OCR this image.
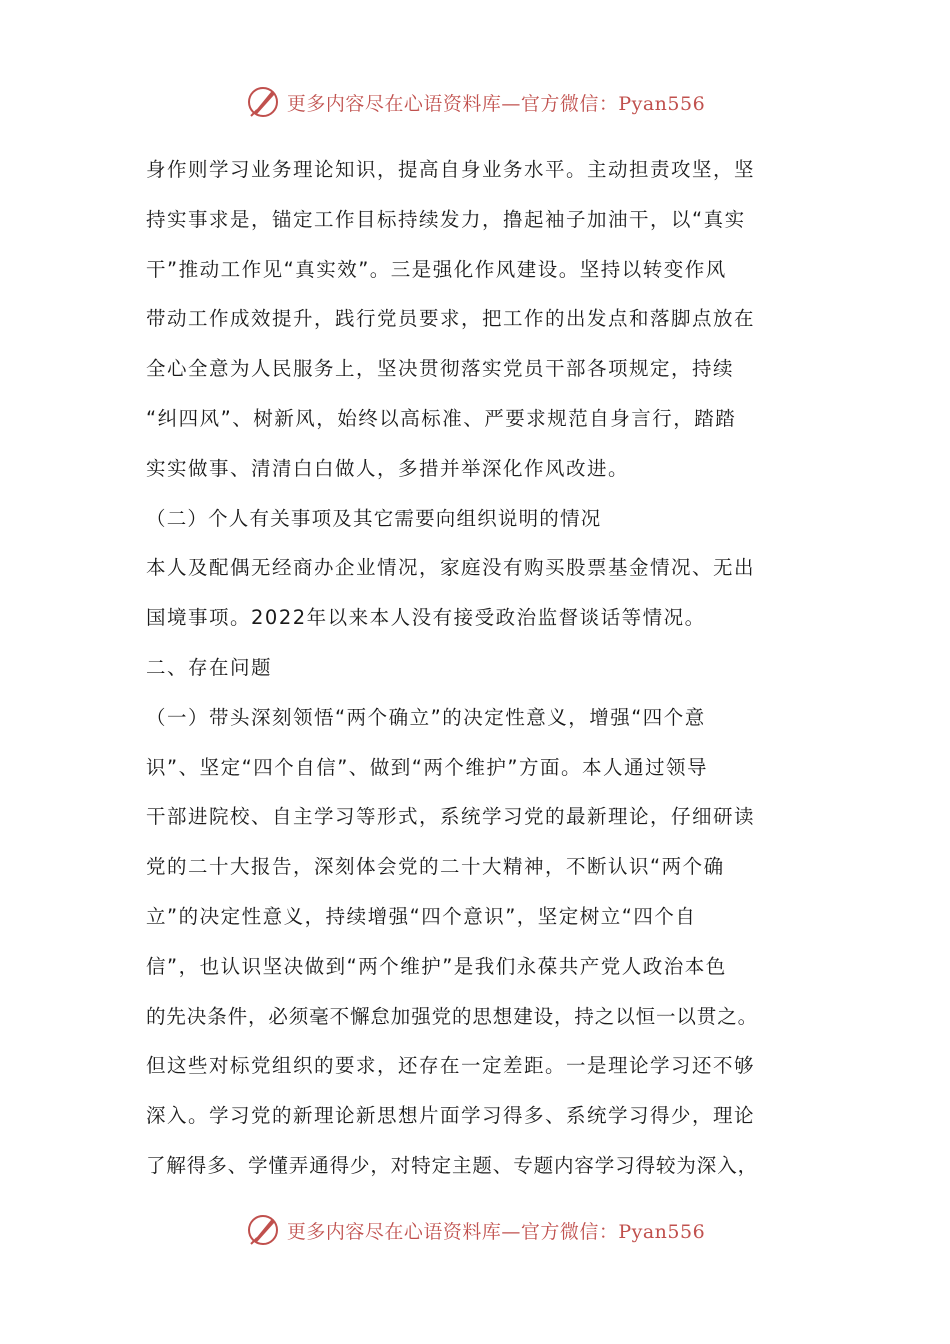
更多内容尽在心语资料库—官方微信：Pyan556
身作则学习业务理论知识，提高自身业务水平。主动担责攻坚，坚
持实事求是，锚定工作目标持续发力，撸起袖子加油干，以“真实
干”推动工作见“真实效”。三是强化作风建设。坚持以转变作风
带动工作成效提升，践行党员要求，把工作的出发点和落脚点放在
全心全意为人民服务上，坚决贯彻落实党员干部各项规定，持续
“纠四风”、树新风，始终以高标准、严要求规范自身言行，踏踏
实实做事、清清白白做人，多措并举深化作风改进。
（二）个人有关事项及其它需要向组织说明的情况
本人及配偶无经商办企业情况，家庭没有购买股票基金情况、无出
国境事项。2022年以来本人没有接受政治监督谈话等情况。
二、存在问题
（一）带头深刻领悟“两个确立”的决定性意义，增强“四个意
识”、坚定“四个自信”、做到“两个维护”方面。本人通过领导
干部进院校、自主学习等形式，系统学习党的最新理论，仔细研读
党的二十大报告，深刻体会党的二十大精神，不断认识“两个确
立”的决定性意义，持续增强“四个意识”，坚定树立“四个自
信”，也认识坚决做到“两个维护”是我们永葆共产党人政治本色
的先决条件，必须毫不懈怠加强党的思想建设，持之以恒一以贯之。
但这些对标党组织的要求，还存在一定差距。一是理论学习还不够
深入。学习党的新理论新思想片面学习得多、系统学习得少，理论
了解得多、学懂弄通得少，对特定主题、专题内容学习得较为深入，
更多内容尽在心语资料库—官方微信：Pyan556
